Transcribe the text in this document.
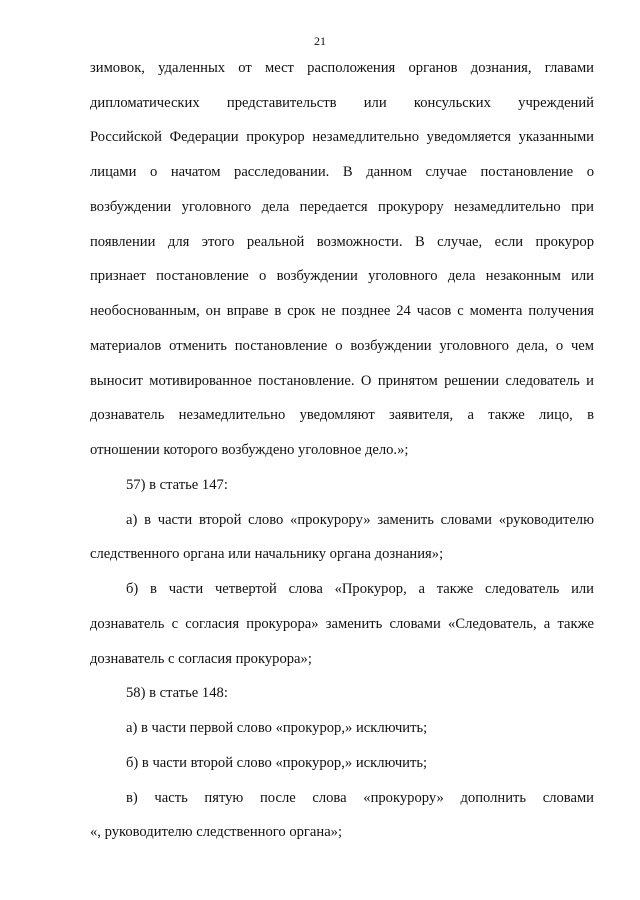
21
зимовок, удаленных от мест расположения органов дознания, главами
дипломатических представительств или консульских учреждений
Российской Федерации прокурор незамедлительно уведомляется указанными
лицами о начатом расследовании. В данном случае постановление о
возбуждении уголовного дела передается прокурору незамедлительно при
появлении для этого реальной возможности. В случае, если прокурор
признает постановление о возбуждении уголовного дела незаконным или
необоснованным, он вправе в срок не позднее 24 часов с момента получения
материалов отменить постановление о возбуждении уголовного дела, о чем
выносит мотивированное постановление. О принятом решении следователь и
дознаватель незамедлительно уведомляют заявителя, а также лицо, в
отношении которого возбуждено уголовное дело.»;
57) в статье 147:
а) в части второй слово «прокурору» заменить словами «руководителю
следственного органа или начальнику органа дознания»;
б) в части четвертой слова «Прокурор, а также следователь или
дознаватель с согласия прокурора» заменить словами «Следователь, а также
дознаватель с согласия прокурора»;
58) в статье 148:
а) в части первой слово «прокурор,» исключить;
б) в части второй слово «прокурор,» исключить;
в) часть пятую после слова «прокурору» дополнить словами
«, руководителю следственного органа»;
